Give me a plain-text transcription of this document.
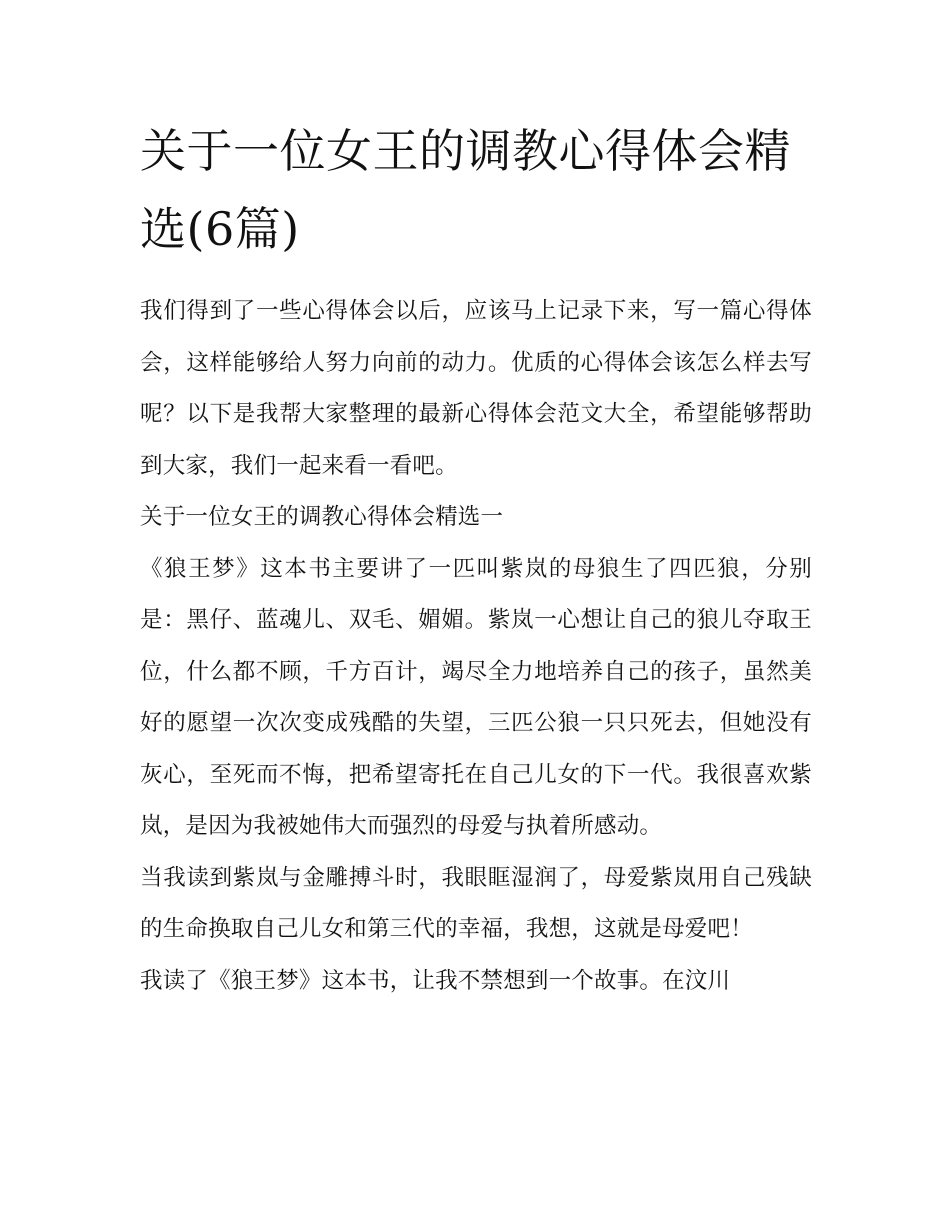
关于一位女王的调教心得体会精选(6篇)

我们得到了一些心得体会以后，应该马上记录下来，写一篇心得体会，这样能够给人努力向前的动力。优质的心得体会该怎么样去写呢？以下是我帮大家整理的最新心得体会范文大全，希望能够帮助到大家，我们一起来看一看吧。

关于一位女王的调教心得体会精选一

《狼王梦》这本书主要讲了一匹叫紫岚的母狼生了四匹狼，分别是：黑仔、蓝魂儿、双毛、媚媚。紫岚一心想让自己的狼儿夺取王位，什么都不顾，千方百计，竭尽全力地培养自己的孩子，虽然美好的愿望一次次变成残酷的失望，三匹公狼一只只死去，但她没有灰心，至死而不悔，把希望寄托在自己儿女的下一代。我很喜欢紫岚，是因为我被她伟大而强烈的母爱与执着所感动。

当我读到紫岚与金雕搏斗时，我眼眶湿润了，母爱紫岚用自己残缺的生命换取自己儿女和第三代的幸福，我想，这就是母爱吧！

我读了《狼王梦》这本书，让我不禁想到一个故事。在汶川
